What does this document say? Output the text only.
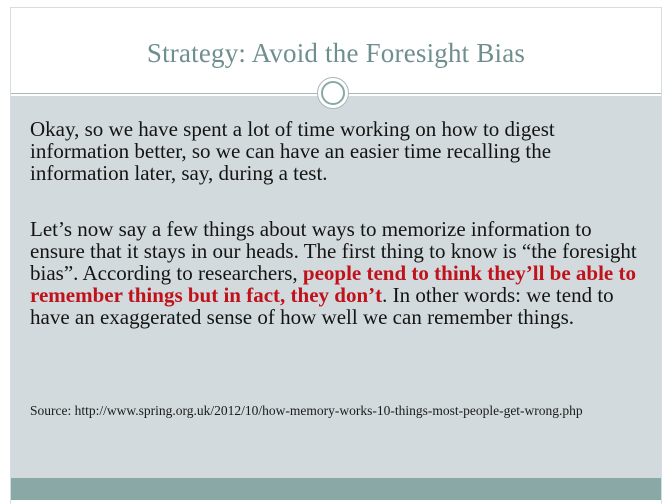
Strategy: Avoid the Foresight Bias
Okay, so we have spent a lot of time working on how to digest information better, so we can have an easier time recalling the information later, say, during a test.
Let’s now say a few things about ways to memorize information to ensure that it stays in our heads. The first thing to know is “the foresight bias”. According to researchers, people tend to think they’ll be able to remember things but in fact, they don’t. In other words: we tend to have an exaggerated sense of how well we can remember things.
Source: http://www.spring.org.uk/2012/10/how-memory-works-10-things-most-people-get-wrong.php
